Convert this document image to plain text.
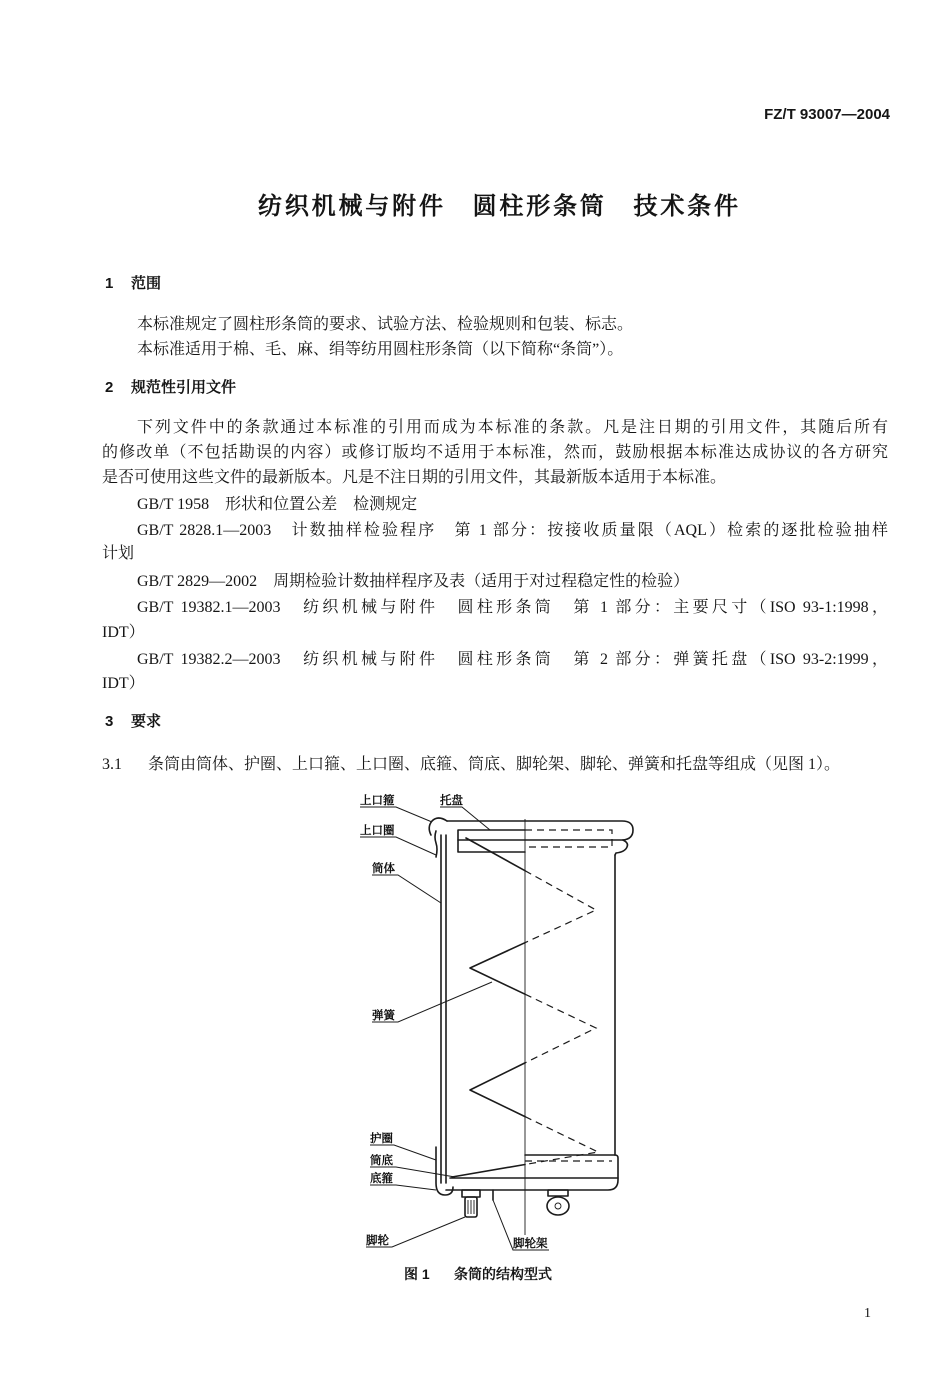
FZ/T 93007—2004
纺织机械与附件　圆柱形条筒　技术条件
1 范围
本标准规定了圆柱形条筒的要求、试验方法、检验规则和包装、标志。
本标准适用于棉、毛、麻、绢等纺用圆柱形条筒（以下简称“条筒”）。
2 规范性引用文件
下列文件中的条款通过本标准的引用而成为本标准的条款。凡是注日期的引用文件，其随后所有
的修改单（不包括勘误的内容）或修订版均不适用于本标准，然而，鼓励根据本标准达成协议的各方研究
是否可使用这些文件的最新版本。凡是不注日期的引用文件，其最新版本适用于本标准。
GB/T 1958　形状和位置公差　检测规定
GB/T 2828.1—2003　计数抽样检验程序　第 1 部分：按接收质量限（AQL）检索的逐批检验抽样
计划
GB/T 2829—2002　周期检验计数抽样程序及表（适用于对过程稳定性的检验）
GB/T 19382.1—2003　纺织机械与附件　圆柱形条筒　第 1 部分：主要尺寸（ISO 93-1:1998，
IDT）
GB/T 19382.2—2003　纺织机械与附件　圆柱形条筒　第 2 部分：弹簧托盘（ISO 93-2:1999，
IDT）
3 要求
3.1 条筒由筒体、护圈、上口箍、上口圈、底箍、筒底、脚轮架、脚轮、弹簧和托盘等组成（见图 1）。
上口箍	托盘
上口圈
筒体
弹簧
护圈
筒底
底箍
脚轮	脚轮架
图 1 条筒的结构型式
1
